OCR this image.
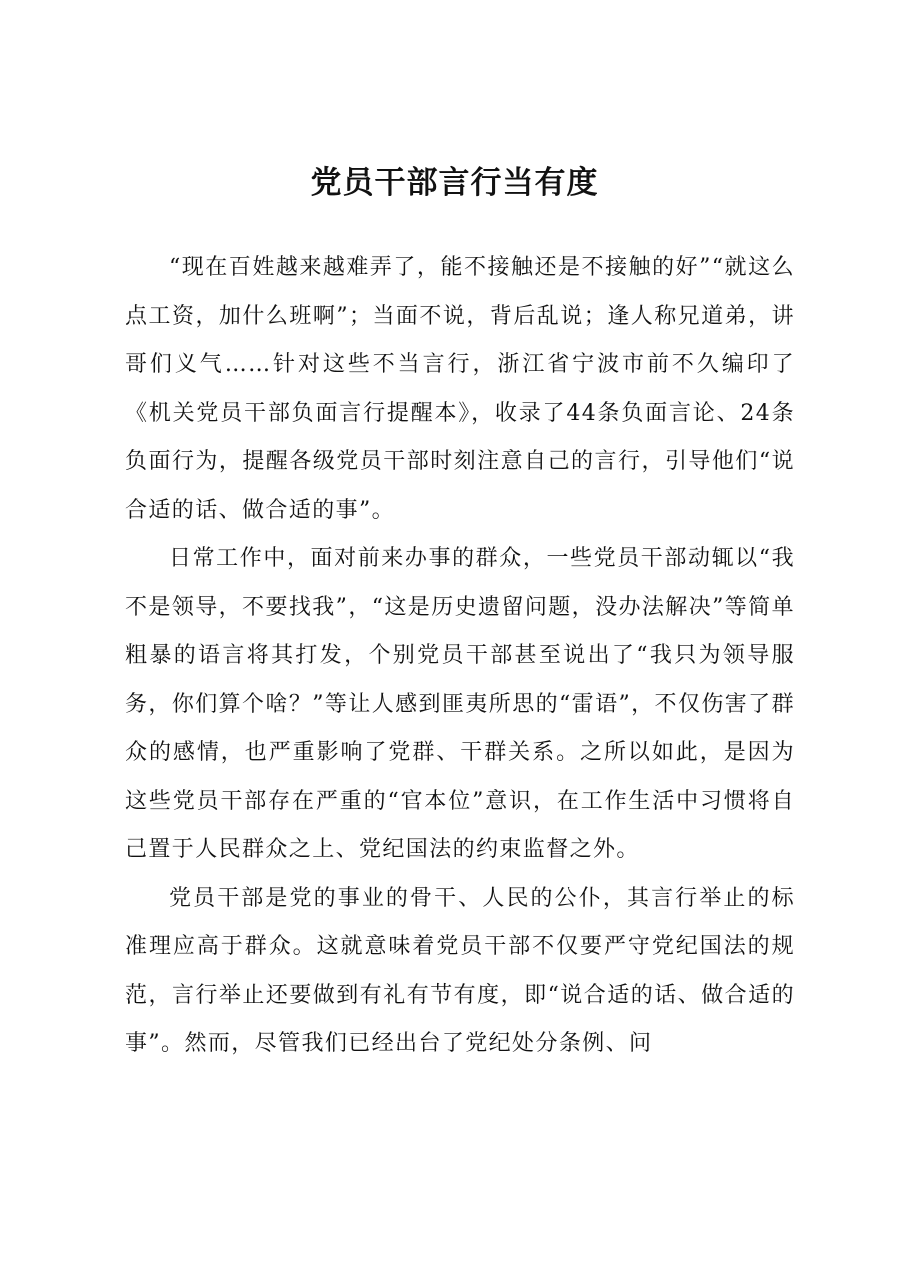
党员干部言行当有度

“现在百姓越来越难弄了，能不接触还是不接触的好”“就这么点工资，加什么班啊”；当面不说，背后乱说；逢人称兄道弟，讲哥们义气……针对这些不当言行，浙江省宁波市前不久编印了《机关党员干部负面言行提醒本》，收录了44条负面言论、24条负面行为，提醒各级党员干部时刻注意自己的言行，引导他们“说合适的话、做合适的事”。

日常工作中，面对前来办事的群众，一些党员干部动辄以“我不是领导，不要找我”，“这是历史遗留问题，没办法解决”等简单粗暴的语言将其打发，个别党员干部甚至说出了“我只为领导服务，你们算个啥？”等让人感到匪夷所思的“雷语”，不仅伤害了群众的感情，也严重影响了党群、干群关系。之所以如此，是因为这些党员干部存在严重的“官本位”意识，在工作生活中习惯将自己置于人民群众之上、党纪国法的约束监督之外。

党员干部是党的事业的骨干、人民的公仆，其言行举止的标准理应高于群众。这就意味着党员干部不仅要严守党纪国法的规范，言行举止还要做到有礼有节有度，即“说合适的话、做合适的事”。然而，尽管我们已经出台了党纪处分条例、问
